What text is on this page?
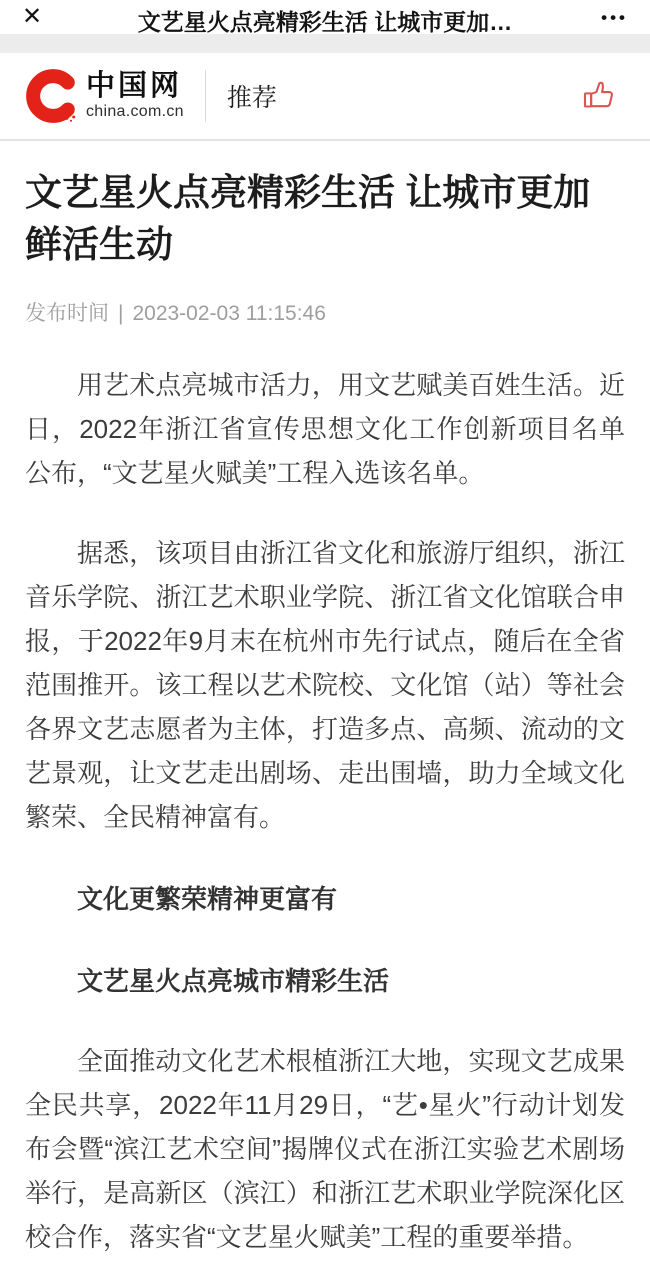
✕	文艺星火点亮精彩生活 让城市更加…	•••
中国网
china.com.cn 推荐
文艺星火点亮精彩生活 让城市更加鲜活生动
发布时间 | 2023-02-03 11:15:46

用艺术点亮城市活力，用文艺赋美百姓生活。近日，2022年浙江省宣传思想文化工作创新项目名单公布，“文艺星火赋美”工程入选该名单。

据悉，该项目由浙江省文化和旅游厅组织，浙江音乐学院、浙江艺术职业学院、浙江省文化馆联合申报，于2022年9月末在杭州市先行试点，随后在全省范围推开。该工程以艺术院校、文化馆（站）等社会各界文艺志愿者为主体，打造多点、高频、流动的文艺景观，让文艺走出剧场、走出围墙，助力全域文化繁荣、全民精神富有。

文化更繁荣精神更富有

文艺星火点亮城市精彩生活

全面推动文化艺术根植浙江大地，实现文艺成果全民共享，2022年11月29日，“艺•星火”行动计划发布会暨“滨江艺术空间”揭牌仪式在浙江实验艺术剧场举行，是高新区（滨江）和浙江艺术职业学院深化区校合作，落实省“文艺星火赋美”工程的重要举措。
